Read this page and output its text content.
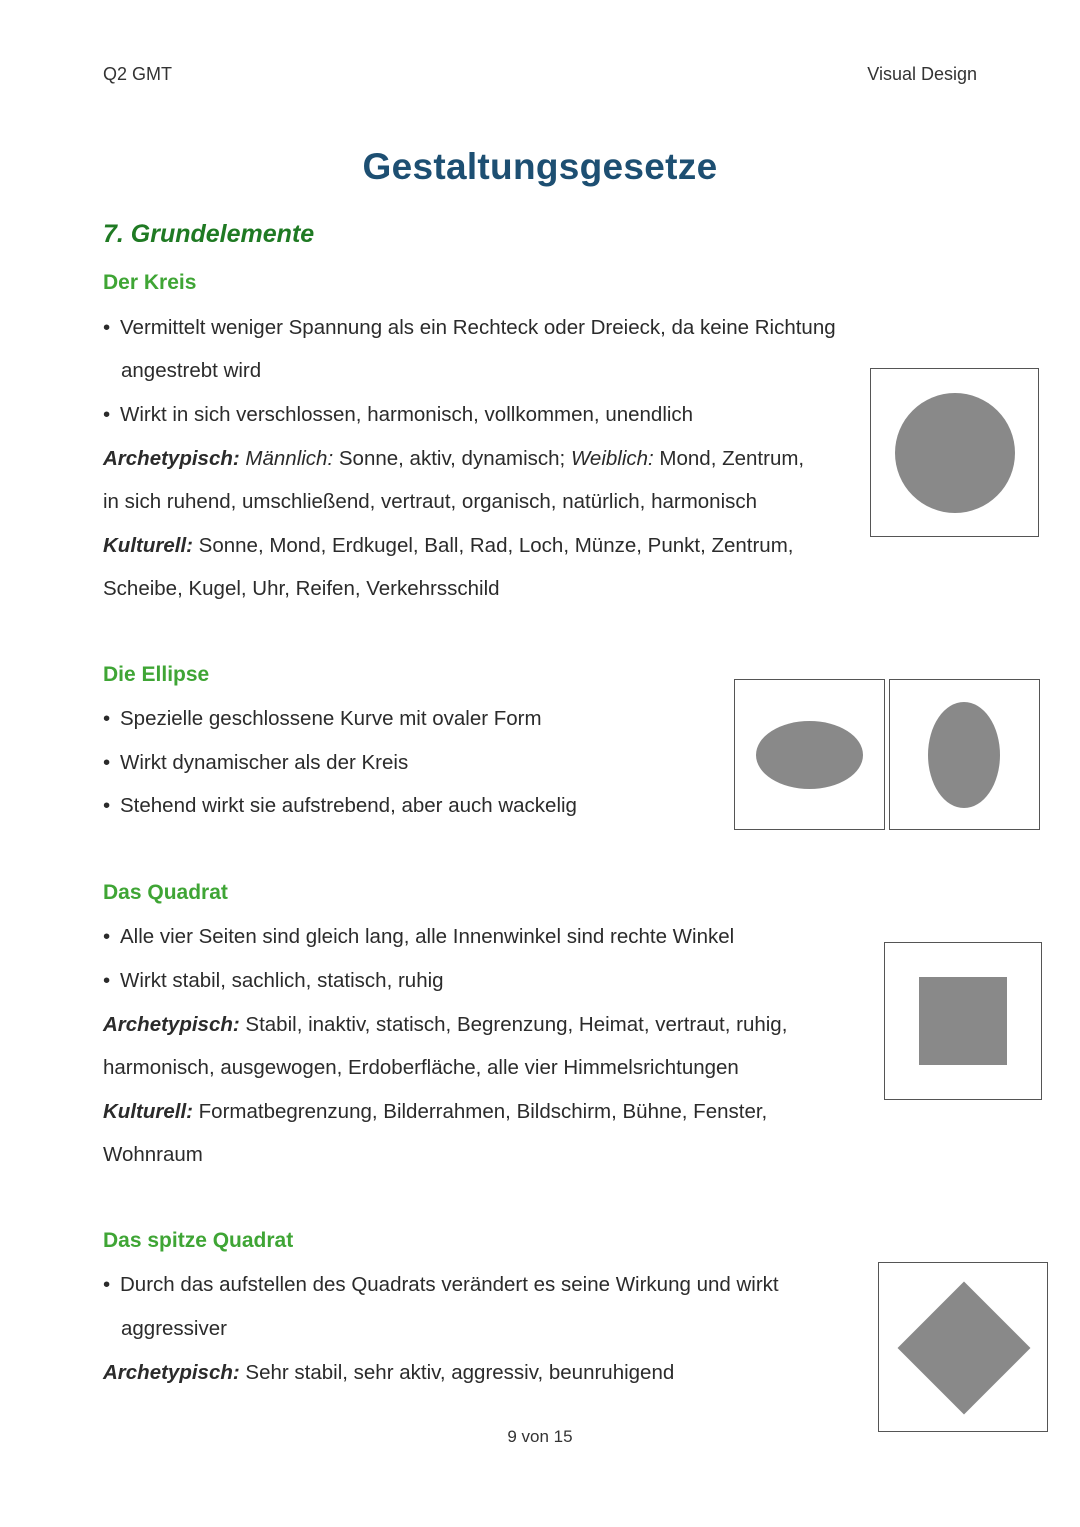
Q2 GMT	Visual Design
Gestaltungsgesetze
7. Grundelemente
Der Kreis
• Vermittelt weniger Spannung als ein Rechteck oder Dreieck, da keine Richtung
angestrebt wird
• Wirkt in sich verschlossen, harmonisch, vollkommen, unendlich
Archetypisch: Männlich: Sonne, aktiv, dynamisch; Weiblich: Mond, Zentrum,
in sich ruhend, umschließend, vertraut, organisch, natürlich, harmonisch
Kulturell: Sonne, Mond, Erdkugel, Ball, Rad, Loch, Münze, Punkt, Zentrum,
Scheibe, Kugel, Uhr, Reifen, Verkehrsschild
Die Ellipse
• Spezielle geschlossene Kurve mit ovaler Form
• Wirkt dynamischer als der Kreis
• Stehend wirkt sie aufstrebend, aber auch wackelig
Das Quadrat
• Alle vier Seiten sind gleich lang, alle Innenwinkel sind rechte Winkel
• Wirkt stabil, sachlich, statisch, ruhig
Archetypisch: Stabil, inaktiv, statisch, Begrenzung, Heimat, vertraut, ruhig,
harmonisch, ausgewogen, Erdoberfläche, alle vier Himmelsrichtungen
Kulturell: Formatbegrenzung, Bilderrahmen, Bildschirm, Bühne, Fenster,
Wohnraum
Das spitze Quadrat
• Durch das aufstellen des Quadrats verändert es seine Wirkung und wirkt
aggressiver
Archetypisch: Sehr stabil, sehr aktiv, aggressiv, beunruhigend
9 von 15
